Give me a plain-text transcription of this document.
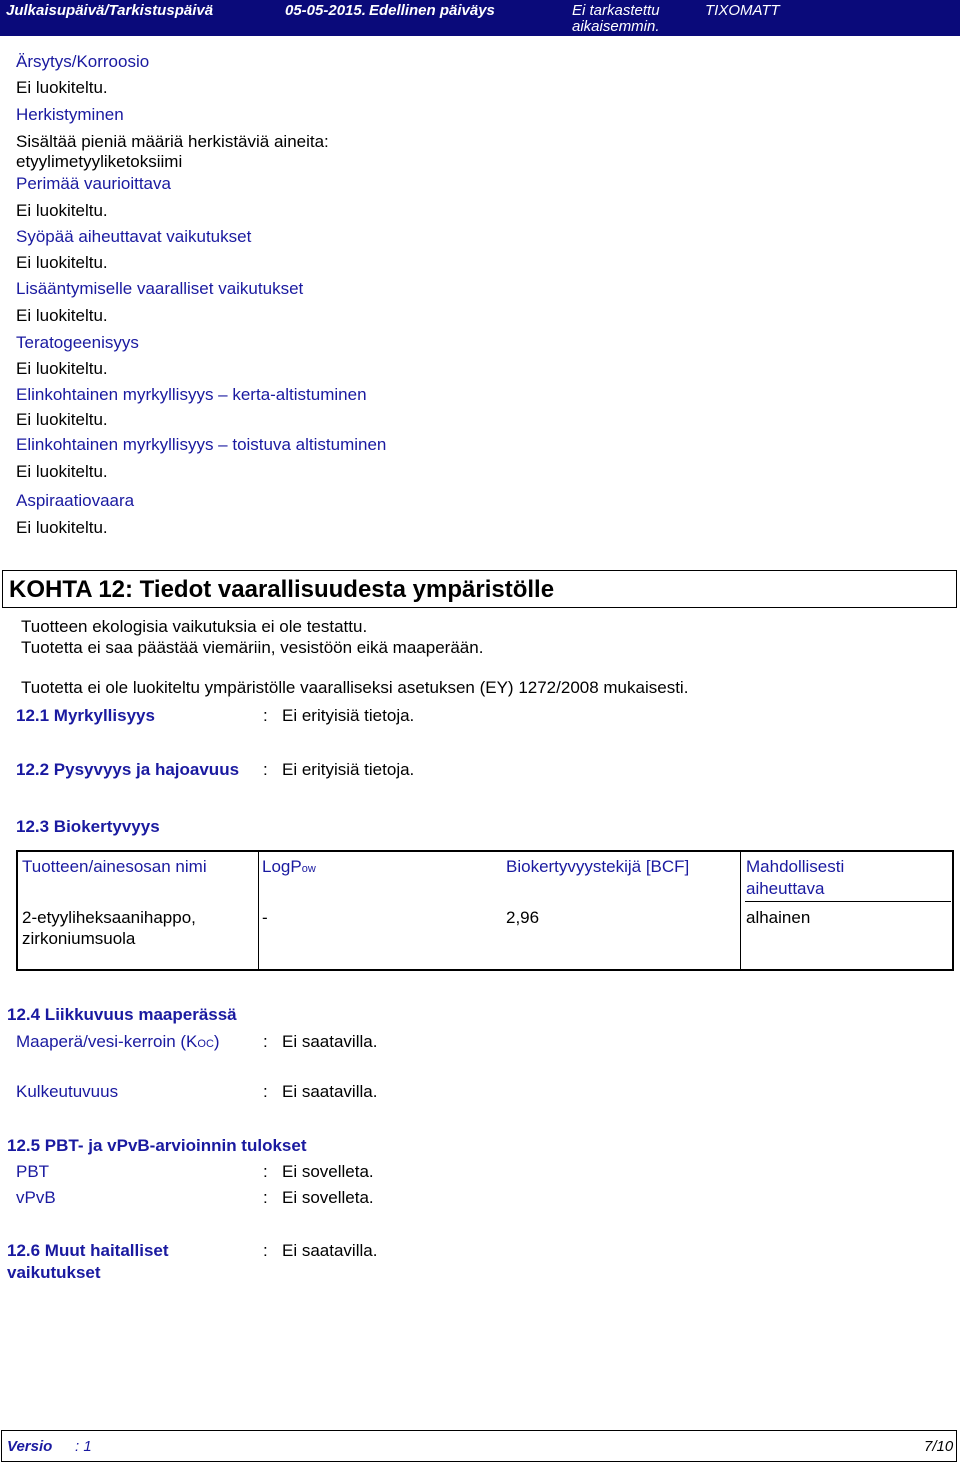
Julkaisupäivä/Tarkistuspäivä	05-05-2015. Edellinen päiväys	Ei tarkastettu
aikaisemmin.
TIXOMATT
Ärsytys/Korroosio
Ei luokiteltu.
Herkistyminen
Sisältää pieniä määriä herkistäviä aineita:
etyylimetyyliketoksiimi
Perimää vaurioittava
Ei luokiteltu.
Syöpää aiheuttavat vaikutukset
Ei luokiteltu.
Lisääntymiselle vaaralliset vaikutukset
Ei luokiteltu.
Teratogeenisyys
Ei luokiteltu.
Elinkohtainen myrkyllisyys – kerta-altistuminen
Ei luokiteltu.
Elinkohtainen myrkyllisyys – toistuva altistuminen
Ei luokiteltu.
Aspiraatiovaara
Ei luokiteltu.
KOHTA 12: Tiedot vaarallisuudesta ympäristölle
Tuotteen ekologisia vaikutuksia ei ole testattu.
Tuotetta ei saa päästää viemäriin, vesistöön eikä maaperään.
Tuotetta ei ole luokiteltu ympäristölle vaaralliseksi asetuksen (EY) 1272/2008 mukaisesti.
12.1 Myrkyllisyys	: Ei erityisiä tietoja.
12.2 Pysyvyys ja hajoavuus : Ei erityisiä tietoja.
12.3 Biokertyvyys
Tuotteen/ainesosan nimi	LogPow	Biokertyvyystekijä [BCF]	Mahdollisesti
aiheuttava
2-etyyliheksaanihappo,
zirkoniumsuola
-	2,96	alhainen
12.4 Liikkuvuus maaperässä
Maaperä/vesi-kerroin (KOC)	: Ei saatavilla.
Kulkeutuvuus	: Ei saatavilla.
12.5 PBT- ja vPvB-arvioinnin tulokset
PBT	: Ei sovelleta.
vPvB	: Ei sovelleta.
12.6 Muut haitalliset
vaikutukset
: Ei saatavilla.
Versio : 1	7/10
